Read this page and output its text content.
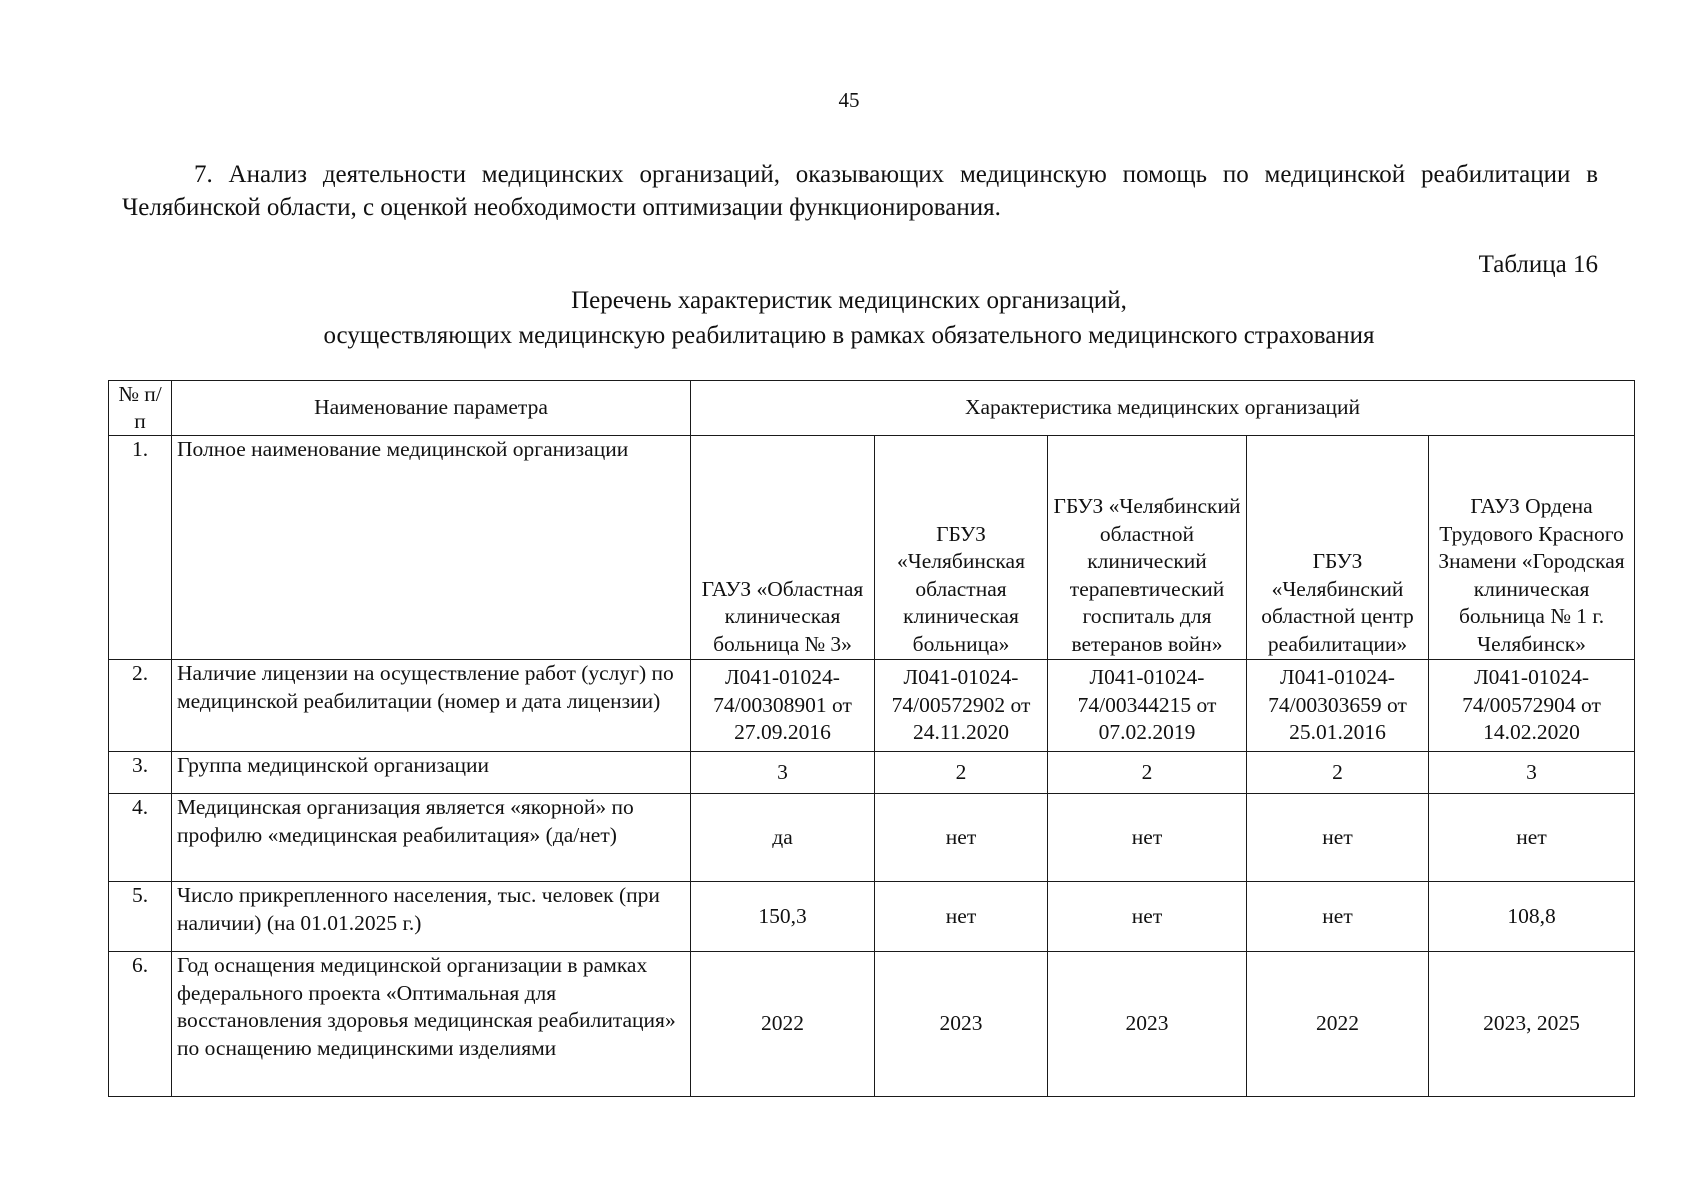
45

7. Анализ деятельности медицинских организаций, оказывающих медицинскую помощь по медицинской реабилитации в Челябинской области, с оценкой необходимости оптимизации функционирования.

Таблица 16
Перечень характеристик медицинских организаций,
осуществляющих медицинскую реабилитацию в рамках обязательного медицинского страхования
№ п/п	Наименование параметра	Характеристика медицинских организаций				
1.	Полное наименование медицинской организации	ГАУЗ «Областная клиническая больница № 3»	ГБУЗ «Челябинская областная клиническая больница»	ГБУЗ «Челябинский областной клинический терапевтический госпиталь для ветеранов войн»	ГБУЗ «Челябинский областной центр реабилитации»	ГАУЗ Ордена Трудового Красного Знамени «Городская клиническая больница № 1 г. Челябинск»
2.	Наличие лицензии на осуществление работ (услуг) по медицинской реабилитации (номер и дата лицензии)	Л041-01024-74/00308901 от 27.09.2016	Л041-01024-74/00572902 от 24.11.2020	Л041-01024-74/00344215 от 07.02.2019	Л041-01024-74/00303659 от 25.01.2016	Л041-01024-74/00572904 от 14.02.2020
3.	Группа медицинской организации	3	2	2	2	3
4.	Медицинская организация является «якорной» по профилю «медицинская реабилитация» (да/нет)	да	нет	нет	нет	нет
5.	Число прикрепленного населения, тыс. человек (при наличии) (на 01.01.2025 г.)	150,3	нет	нет	нет	108,8
6.	Год оснащения медицинской организации в рамках федерального проекта «Оптимальная для восстановления здоровья медицинская реабилитация» по оснащению медицинскими изделиями	2022	2023	2023	2022	2023, 2025
